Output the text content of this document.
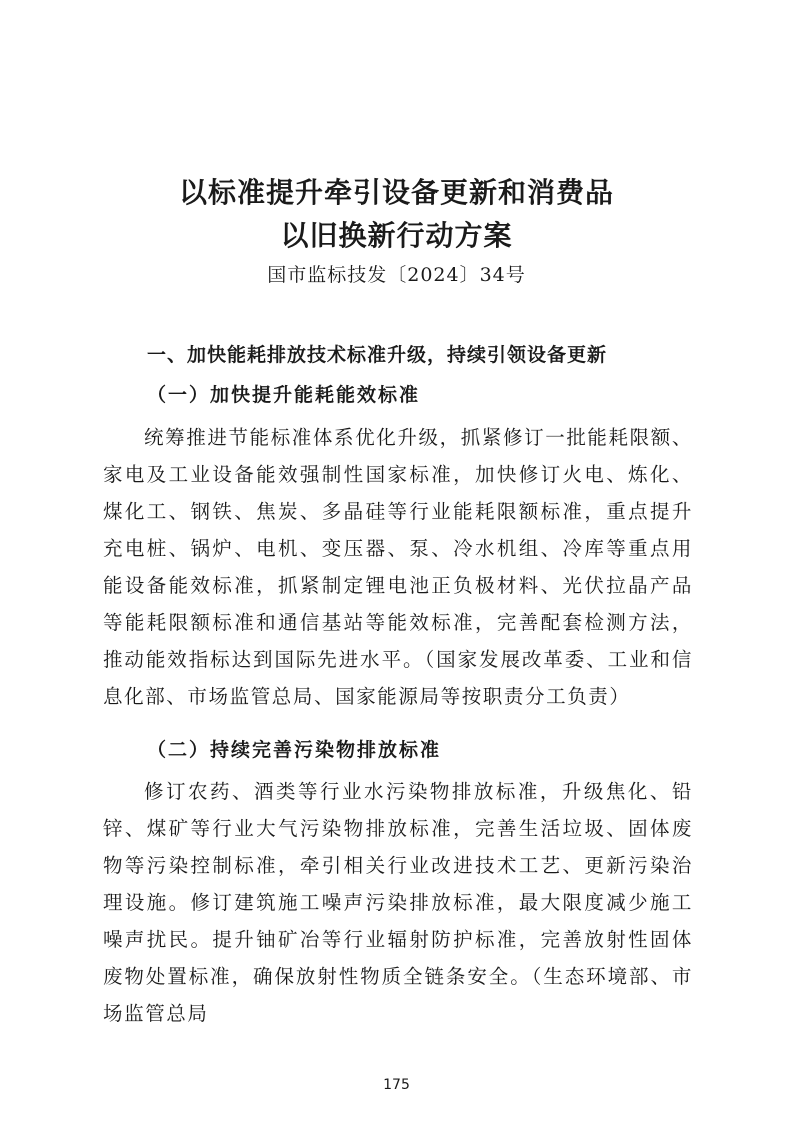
以标准提升牵引设备更新和消费品
以旧换新行动方案
国市监标技发〔2024〕34号
一、加快能耗排放技术标准升级，持续引领设备更新
（一）加快提升能耗能效标准
统筹推进节能标准体系优化升级，抓紧修订一批能耗限额、家电及工业设备能效强制性国家标准，加快修订火电、炼化、煤化工、钢铁、焦炭、多晶硅等行业能耗限额标准，重点提升充电桩、锅炉、电机、变压器、泵、冷水机组、冷库等重点用能设备能效标准，抓紧制定锂电池正负极材料、光伏拉晶产品等能耗限额标准和通信基站等能效标准，完善配套检测方法，推动能效指标达到国际先进水平。（国家发展改革委、工业和信息化部、市场监管总局、国家能源局等按职责分工负责）
（二）持续完善污染物排放标准
修订农药、酒类等行业水污染物排放标准，升级焦化、铅锌、煤矿等行业大气污染物排放标准，完善生活垃圾、固体废物等污染控制标准，牵引相关行业改进技术工艺、更新污染治理设施。修订建筑施工噪声污染排放标准，最大限度减少施工噪声扰民。提升铀矿冶等行业辐射防护标准，完善放射性固体废物处置标准，确保放射性物质全链条安全。（生态环境部、市场监管总局
175
